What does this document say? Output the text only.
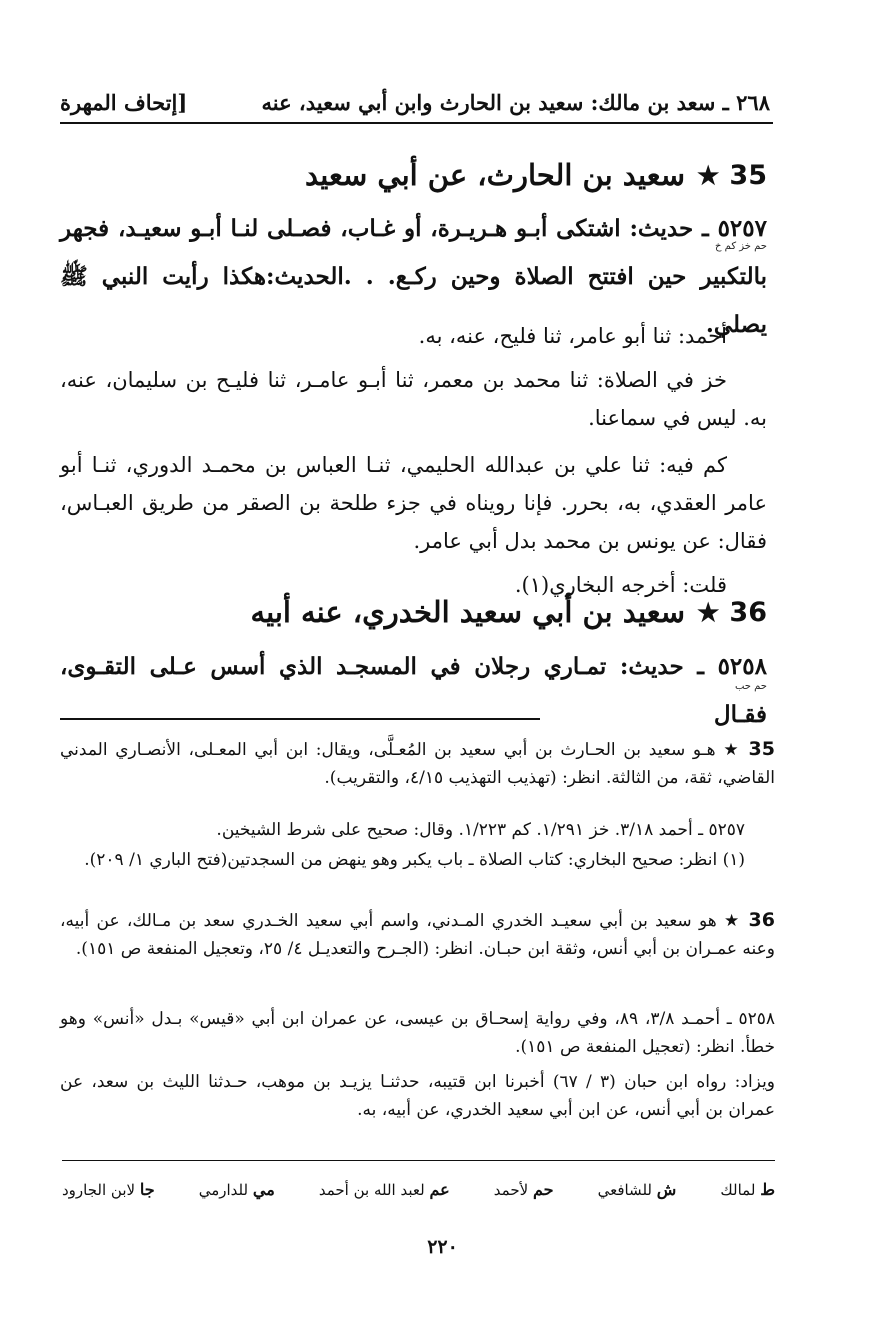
[إتحاف المهرة	٢٦٨ ـ سعد بن مالك: سعيد بن الحارث وابن أبي سعيد، عنه
35
★
سعيد بن الحارث، عن أبي سعيد
٥٢٥٧ ـ حديث: اشتكى أبـو هـريـرة، أو غـاب، فصـلى لنـا أبـو سعيـد، فجهر بالتكبير حين افتتح الصلاة وحين ركـع. . .الحديث:هكذا رأيت النبي ﷺ يصلي.
حم خز كم خ
أحمد: ثنا أبو عامر، ثنا فليح، عنه، به.
خز في الصلاة: ثنا محمد بن معمر، ثنا أبـو عامـر، ثنا فليـح بن سليمان، عنه، به. ليس في سماعنا.
كم فيه: ثنا علي بن عبدالله الحليمي، ثنـا العباس بن محمـد الدوري، ثنـا أبو عامر العقدي، به، بحرر. فإنا رويناه في جزء طلحة بن الصقر من طريق العبـاس، فقال: عن يونس بن محمد بدل أبي عامر.
قلت: أخرجه البخاري(١).
36
★
سعيد بن أبي سعيد الخدري، عنه أبيه
٥٢٥٨ ـ حديث: تمـاري رجلان في المسجـد الذي أسس عـلى التقـوى، فقـال
حم حب
35 ★ هـو سعيد بن الحـارث بن أبي سعيد بن المُعـلَّى، ويقال: ابن أبي المعـلى، الأنصـاري المدني القاضي، ثقة، من الثالثة. انظر: (تهذيب التهذيب ٤/١٥، والتقريب).
٥٢٥٧ ـ أحمد ٣/١٨. خز ١/٢٩١. كم ١/٢٢٣. وقال: صحيح على شرط الشيخين.
(١) انظر: صحيح البخاري: كتاب الصلاة ـ باب يكبر وهو ينهض من السجدتين(فتح الباري ١/ ٢٠٩).
36 ★ هو سعيد بن أبي سعيـد الخدري المـدني، واسم أبي سعيد الخـدري سعد بن مـالك، عن أبيه، وعنه عمـران بن أبي أنس، وثقة ابن حبـان. انظر: (الجـرح والتعديـل ٤/ ٢٥، وتعجيل المنفعة ص ١٥١).
٥٢٥٨ ـ أحمـد ٣/٨، ٨٩، وفي رواية إسحـاق بن عيسى، عن عمران ابن أبي «قيس» بـدل «أنس» وهو خطأ. انظر: (تعجيل المنفعة ص ١٥١).
ويزاد: رواه ابن حبان (٣ / ٦٧) أخبرنا ابن قتيبه، حدثنـا يزيـد بن موهب، حـدثنا الليث بن سعد، عن عمران بن أبي أنس، عن ابن أبي سعيد الخدري، عن أبيه، به.
ط لمالك
ش للشافعي
حم لأحمد
عم لعبد الله بن أحمد
مي للدارمي
جا لابن الجارود
٢٢٠
